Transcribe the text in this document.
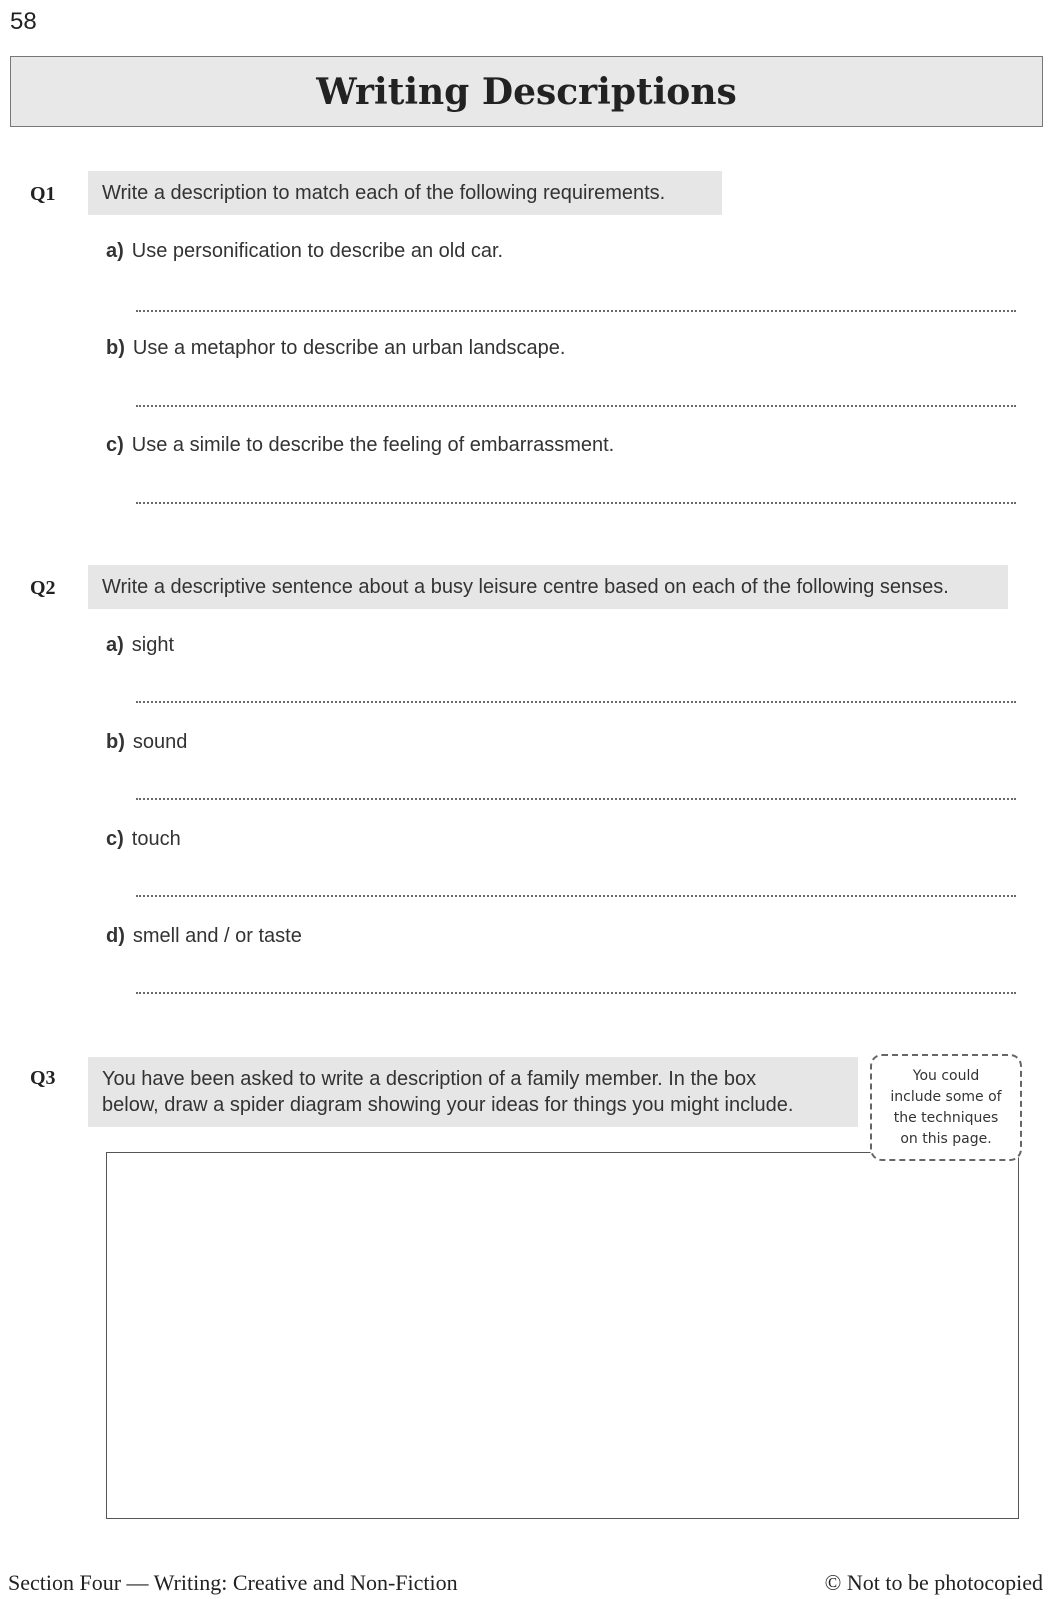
58
Writing Descriptions
Q1 Write a description to match each of the following requirements.
a) Use personification to describe an old car.
b) Use a metaphor to describe an urban landscape.
c) Use a simile to describe the feeling of embarrassment.
Q2 Write a descriptive sentence about a busy leisure centre based on each of the following senses.
a) sight
b) sound
c) touch
d) smell and / or taste
Q3 You have been asked to write a description of a family member. In the box
below, draw a spider diagram showing your ideas for things you might include.
You could include some of the techniques on this page.
Section Four — Writing: Creative and Non-Fiction	© Not to be photocopied
